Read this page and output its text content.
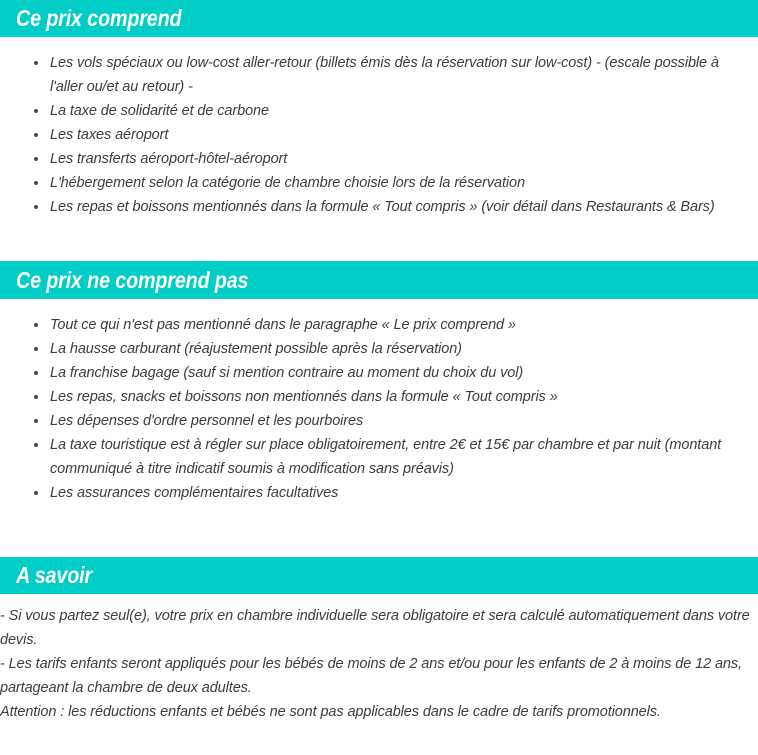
Ce prix comprend
Les vols spéciaux ou low-cost aller-retour (billets émis dès la réservation sur low-cost) - (escale possible à l'aller ou/et au retour) -
La taxe de solidarité et de carbone
Les taxes aéroport
Les transferts aéroport-hôtel-aéroport
L'hébergement selon la catégorie de chambre choisie lors de la réservation
Les repas et boissons mentionnés dans la formule « Tout compris » (voir détail dans Restaurants & Bars)
Ce prix ne comprend pas
Tout ce qui n'est pas mentionné dans le paragraphe « Le prix comprend »
La hausse carburant (réajustement possible après la réservation)
La franchise bagage (sauf si mention contraire au moment du choix du vol)
Les repas, snacks et boissons non mentionnés dans la formule « Tout compris »
Les dépenses d'ordre personnel et les pourboires
La taxe touristique est à régler sur place obligatoirement, entre 2€ et 15€ par chambre et par nuit (montant communiqué à titre indicatif soumis à modification sans préavis)
Les assurances complémentaires facultatives
A savoir

- Si vous partez seul(e), votre prix en chambre individuelle sera obligatoire et sera calculé automatiquement dans votre devis.

- Les tarifs enfants seront appliqués pour les bébés de moins de 2 ans et/ou pour les enfants de 2 à moins de 12 ans, partageant la chambre de deux adultes.

Attention : les réductions enfants et bébés ne sont pas applicables dans le cadre de tarifs promotionnels.
